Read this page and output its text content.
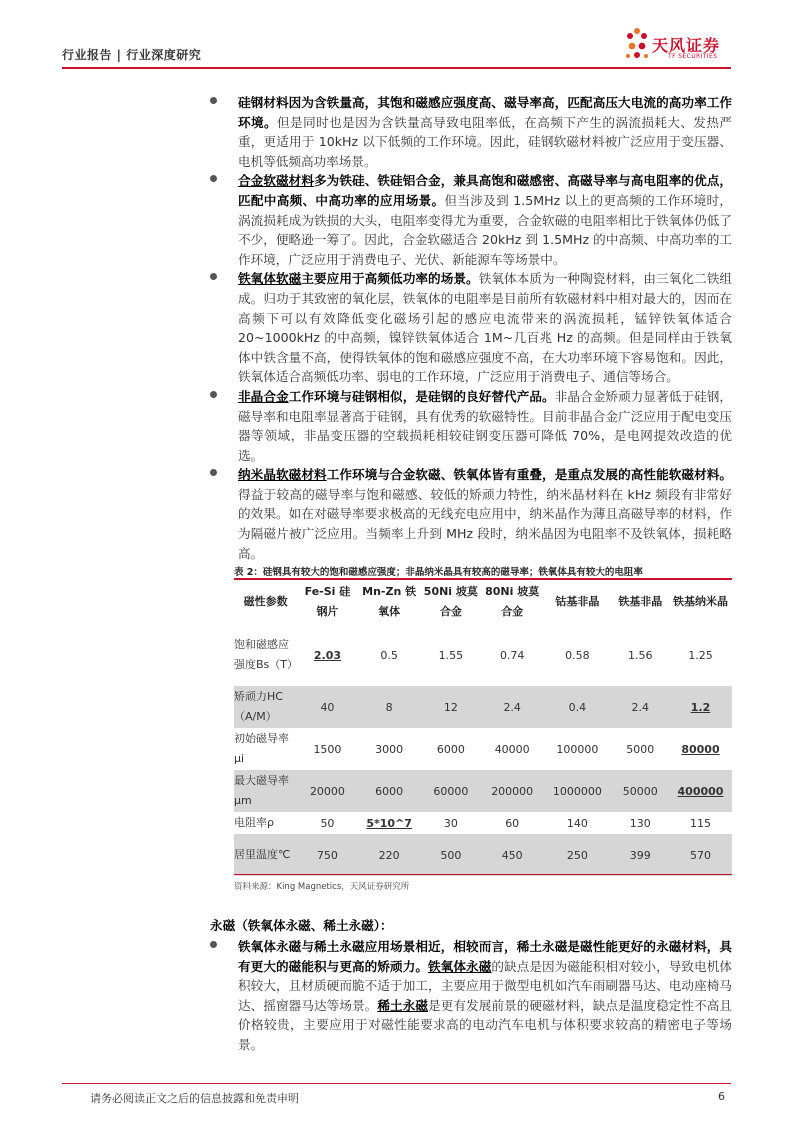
行业报告 | 行业深度研究	天风证券
TF SECURITIES
硅钢材料因为含铁量高，其饱和磁感应强度高、磁导率高，匹配高压大电流的高功率工作环境。但是同时也是因为含铁量高导致电阻率低，在高频下产生的涡流损耗大、发热严重，更适用于 10kHz 以下低频的工作环境。因此，硅钢软磁材料被广泛应用于变压器、电机等低频高功率场景。
合金软磁材料多为铁硅、铁硅铝合金，兼具高饱和磁感密、高磁导率与高电阻率的优点，匹配中高频、中高功率的应用场景。但当涉及到 1.5MHz 以上的更高频的工作环境时，涡流损耗成为铁损的大头，电阻率变得尤为重要，合金软磁的电阻率相比于铁氧体仍低了不少，便略逊一筹了。因此，合金软磁适合 20kHz 到 1.5MHz 的中高频、中高功率的工作环境，广泛应用于消费电子、光伏、新能源车等场景中。
铁氧体软磁主要应用于高频低功率的场景。铁氧体本质为一种陶瓷材料，由三氧化二铁组成。归功于其致密的氧化层，铁氧体的电阻率是目前所有软磁材料中相对最大的，因而在高频下可以有效降低变化磁场引起的感应电流带来的涡流损耗，锰锌铁氧体适合 20~1000kHz 的中高频，镍锌铁氧体适合 1M~几百兆 Hz 的高频。但是同样由于铁氧体中铁含量不高，使得铁氧体的饱和磁感应强度不高，在大功率环境下容易饱和。因此，铁氧体适合高频低功率、弱电的工作环境，广泛应用于消费电子、通信等场合。
非晶合金工作环境与硅钢相似，是硅钢的良好替代产品。非晶合金矫顽力显著低于硅钢，磁导率和电阻率显著高于硅钢，具有优秀的软磁特性。目前非晶合金广泛应用于配电变压器等领域，非晶变压器的空载损耗相较硅钢变压器可降低 70%，是电网提效改造的优选。
纳米晶软磁材料工作环境与合金软磁、铁氧体皆有重叠，是重点发展的高性能软磁材料。得益于较高的磁导率与饱和磁感、较低的矫顽力特性，纳米晶材料在 kHz 频段有非常好的效果。如在对磁导率要求极高的无线充电应用中，纳米晶作为薄且高磁导率的材料，作为隔磁片被广泛应用。当频率上升到 MHz 段时，纳米晶因为电阻率不及铁氧体，损耗略高。
表 2：硅钢具有较大的饱和磁感应强度；非晶纳米晶具有较高的磁导率；铁氧体具有较大的电阻率
磁性参数	Fe-Si 硅钢片	Mn-Zn 铁氧体	50Ni 坡莫合金	80Ni 坡莫合金	钴基非晶	铁基非晶	铁基纳米晶
饱和磁感应强度Bs（T）	2.03	0.5	1.55	0.74	0.58	1.56	1.25
矫顽力HC（A/M）	40	8	12	2.4	0.4	2.4	1.2
初始磁导率μi	1500	3000	6000	40000	100000	5000	80000
最大磁导率μm	20000	6000	60000	200000	1000000	50000	400000
电阻率ρ	50	5*10^7	30	60	140	130	115
居里温度℃	750	220	500	450	250	399	570
资料来源：King Magnetics，天风证券研究所
永磁（铁氧体永磁、稀土永磁）：
铁氧体永磁与稀土永磁应用场景相近，相较而言，稀土永磁是磁性能更好的永磁材料，具有更大的磁能积与更高的矫顽力。铁氧体永磁的缺点是因为磁能积相对较小，导致电机体积较大，且材质硬而脆不适于加工，主要应用于微型电机如汽车雨刷器马达、电动座椅马达、摇窗器马达等场景。稀土永磁是更有发展前景的硬磁材料，缺点是温度稳定性不高且价格较贵，主要应用于对磁性能要求高的电动汽车电机与体积要求较高的精密电子等场景。
请务必阅读正文之后的信息披露和免责申明	6
